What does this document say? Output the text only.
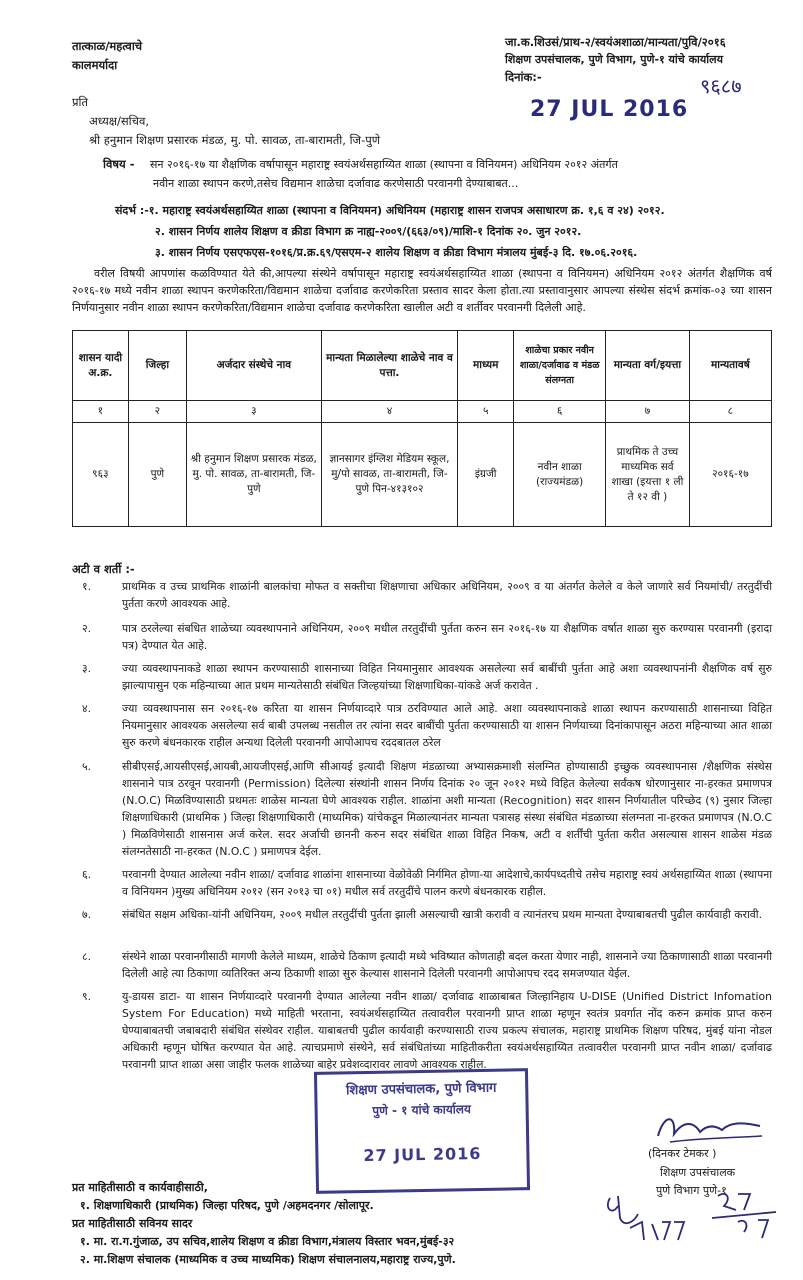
तात्काळ/महत्वाचे
कालमर्यादा
जा.क.शिउसं/प्राथ-२/स्वयंअशाळा/मान्यता/पुवि/२०१६
शिक्षण उपसंचालक, पुणे विभाग, पुणे-१ यांचे कार्यालय
दिनांक:-
27 JUL 2016
९६८७
प्रति
अध्यक्ष/सचिव,
श्री हनुमान शिक्षण प्रसारक मंडळ, मु. पो. सावळ, ता-बारामती, जि-पुणे
विषय - सन २०१६-१७ या शैक्षणिक वर्षापासून महाराष्ट्र स्वयंअर्थसहाय्यित शाळा (स्थापना व विनियमन) अधिनियम २०१२ अंतर्गत
नवीन शाळा स्थापन करणे,तसेच विद्यमान शाळेचा दर्जावाढ करणेसाठी परवानगी देण्याबाबत...
संदर्भ :-१. महाराष्ट्र स्वयंअर्थसहाय्यित शाळा (स्थापना व विनियमन) अधिनियम (महाराष्ट्र शासन राजपत्र असाधारण क्र. १,६ व २४) २०१२.
२. शासन निर्णय शालेय शिक्षण व क्रीडा विभाग क्र नाह्य-२००९/(६६३/०९)/माशि-१ दिनांक २०. जुन २०१२.
३. शासन निर्णय एसएफएस-१०१६/प्र.क्र.६९/एसएम-२ शालेय शिक्षण व क्रीडा विभाग मंत्रालय मुंबई-३ दि. १७.०६.२०१६.
वरील विषयी आपणांस कळविण्यात येते की,आपल्या संस्थेने वर्षापासून महाराष्ट्र स्वयंअर्थसहाय्यित शाळा (स्थापना व विनियमन) अधिनियम २०१२ अंतर्गत शैक्षणिक वर्ष २०१६-१७ मध्ये नवीन शाळा स्थापन करणेकरिता/विद्यमान शाळेचा दर्जावाढ करणेकरिता प्रस्ताव सादर केला होता.त्या प्रस्तावानुसार आपल्या संस्थेस संदर्भ क्रमांक-०३ च्या शासन निर्णयानुसार नवीन शाळा स्थापन करणेकरिता/विद्यमान शाळेचा दर्जावाढ करणेकरिता खालील अटी व शर्तीवर परवानगी दिलेली आहे.
शासन यादी अ.क्र.	जिल्हा	अर्जदार संस्थेचे नाव	मान्यता मिळालेल्या शाळेचे नाव व पत्ता.	माध्यम	शाळेचा प्रकार नवीन शाळा/दर्जावाढ व मंडळ संलग्नता	मान्यता वर्ग/इयत्ता	मान्यतावर्ष
१	२	३	४	५	६	७	८
९६३	पुणे	श्री हनुमान शिक्षण प्रसारक मंडळ, मु. पो. सावळ, ता-बारामती, जि-पुणे	ज्ञानसागर इंग्लिश मेडियम स्कूल, मु/पो सावळ, ता-बारामती, जि-पुणे पिन-४१३१०२	इंग्रजी	नवीन शाळा (राज्यमंडळ)	प्राथमिक ते उच्च माध्यमिक सर्व शाखा (इयत्ता १ ली ते १२ वी )	२०१६-१७
अटी व शर्ती :-
१.	प्राथमिक व उच्च प्राथमिक शाळांनी बालकांचा मोफत व सक्तीचा शिक्षणाचा अधिकार अधिनियम, २००९ व या अंतर्गत केलेले व केले जाणारे सर्व नियमांची/ तरतुदींची पुर्तता करणे आवश्यक आहे.
२.	पात्र ठरलेल्या संबधित शाळेच्या व्यवस्थापनाने अधिनियम, २००९ मधील तरतुदींची पुर्तता करुन सन २०१६-१७ या शैक्षणिक वर्षात शाळा सुरु करण्यास परवानगी (इरादा पत्र) देण्यात येत आहे.
३.	ज्या व्यवस्थापनाकडे शाळा स्थापन करण्यासाठी शासनाच्या विहित नियमानुसार आवश्यक असलेल्या सर्व बाबींची पुर्तता आहे अशा व्यवस्थापनांनी शैक्षणिक वर्ष सुरु झाल्यापासुन एक महिन्याच्या आत प्रथम मान्यतेसाठी संबंधित जिल्हयांच्या शिक्षणाधिका-यांकडे अर्ज करावेत .
४.	ज्या व्यवस्थापनास सन २०१६-१७ करिता या शासन निर्णयाव्दारे पात्र ठरविण्यात आले आहे. अशा व्यवस्थापनाकडे शाळा स्थापन करण्यासाठी शासनाच्या विहित नियमानुसार आवश्यक असलेल्या सर्व बाबी उपलब्ध नसतील तर त्यांना सदर बाबींची पुर्तता करण्यासाठी या शासन निर्णयाच्या दिनांकापासून अठरा महिन्याच्या आत शाळा सुरु करणे बंधनकारक राहील अन्यथा दिलेली परवानगी आपोआपच रददबातल ठरेल
५.	सीबीएसई,आयसीएसई,आयबी,आयजीएसई,आणि सीआयई इत्यादी शिक्षण मंडळाच्या अभ्यासक्रमाशी संलग्नित होण्यासाठी इच्छुक व्यवस्थापनास /शैक्षणिक संस्थेस शासनाने पात्र ठरवून परवानगी (Permission) दिलेल्या संस्थांनी शासन निर्णय दिनांक २० जून २०१२ मध्ये विहित केलेल्या सर्वंकष धोरणानुसार ना-हरकत प्रमाणपत्र (N.O.C) मिळविण्यासाठी प्रथमतः शाळेस मान्यता घेणे आवश्यक राहील. शाळांना अशी मान्यता (Recognition) सदर शासन निर्णयातील परिच्छेद (९) नुसार जिल्हा शिक्षणाधिकारी (प्राथमिक ) जिल्हा शिक्षणाधिकारी (माध्यमिक) यांचेकडून मिळाल्यानंतर मान्यता पत्रासह संस्था संबंधित मंडळाच्या संलग्नता ना-हरकत प्रमाणपत्र (N.O.C ) मिळविणेसाठी शासनास अर्ज करेल. सदर अर्जाची छाननी करुन सदर संबंधित शाळा विहित निकष, अटी व शर्तींची पुर्तता करीत असल्यास शासन शाळेस मंडळ संलग्नतेसाठी ना-हरकत (N.O.C ) प्रमाणपत्र देईल.
६.	परवानगी देण्यात आलेल्या नवीन शाळा/ दर्जावाढ शाळांना शासनाच्या वेळोवेळी निर्गमित होणा-या आदेशाचे,कार्यपध्दतीचे तसेच महाराष्ट्र स्वयं अर्थसहाय्यित शाळा (स्थापना व विनियमन )मुख्य अधिनियम २०१२ (सन २०१३ चा ०१) मधील सर्व तरतुदींचे पालन करणे बंधनकारक राहील.
७.	संबंधित सक्षम अधिका-यांनी अधिनियम, २००९ मधील तरतुदींची पुर्तता झाली असल्याची खात्री करावी व त्यानंतरच प्रथम मान्यता देण्याबाबतची पुढील कार्यवाही करावी.
८.	संस्थेने शाळा परवानगीसाठी मागणी केलेले माध्यम, शाळेचे ठिकाण इत्यादी मध्ये भविष्यात कोणताही बदल करता येणार नाही, शासनाने ज्या ठिकाणासाठी शाळा परवानगी दिलेली आहे त्या ठिकाणा व्यतिरिक्त अन्य ठिकाणी शाळा सुरु केल्यास शासनाने दिलेली परवानगी आपोआपच रदद समजण्यात येईल.
९.	यु-डायस डाटा- या शासन निर्णयाव्दारे परवानगी देण्यात आलेल्या नवीन शाळा/ दर्जावाढ शाळाबाबत जिल्हानिहाय U-DISE (Unified District Infomation System For Education) मध्ये माहिती भरताना, स्वयंअर्थसहाय्यित तत्वावरील परवानगी प्राप्त शाळा म्हणून स्वतंत्र प्रवर्गात नोंद करुन क्रमांक प्राप्त करुन घेण्याबाबतची जबाबदारी संबंधित संस्थेवर राहील. याबाबतची पुढील कार्यवाही करण्यासाठी राज्य प्रकल्प संचालक, महाराष्ट्र प्राथमिक शिक्षण परिषद, मुंबई यांना नोडल अधिकारी म्हणून घोषित करण्यात येत आहे. त्याचप्रमाणे संस्थेने, सर्व संबंधितांच्या माहितीकरीता स्वयंअर्थसहाय्यित तत्वावरील परवानगी प्राप्त नवीन शाळा/ दर्जावाढ परवानगी प्राप्त शाळा असा जाहीर फलक शाळेच्या बाहेर प्रवेशव्दारावर लावणे आवश्यक राहील.
शिक्षण उपसंचालक, पुणे विभाग
पुणे - १ यांचे कार्यालय
27 JUL 2016	(दिनकर टेमकर )
शिक्षण उपसंचालक
पुणे विभाग पुणे-१
प्रत माहितीसाठी व कार्यवाहीसाठी,
१. शिक्षणाधिकारी (प्राथमिक) जिल्हा परिषद, पुणे /अहमदनगर /सोलापूर.
प्रत माहितीसाठी सविनय सादर
१. मा. रा.ग.गुंजाळ, उप सचिव,शालेय शिक्षण व क्रीडा विभाग,मंत्रालय विस्तार भवन,मुंबई-३२
२. मा.शिक्षण संचालक (माध्यमिक व उच्च माध्यमिक) शिक्षण संचालनालय,महाराष्ट्र राज्य,पुणे.
